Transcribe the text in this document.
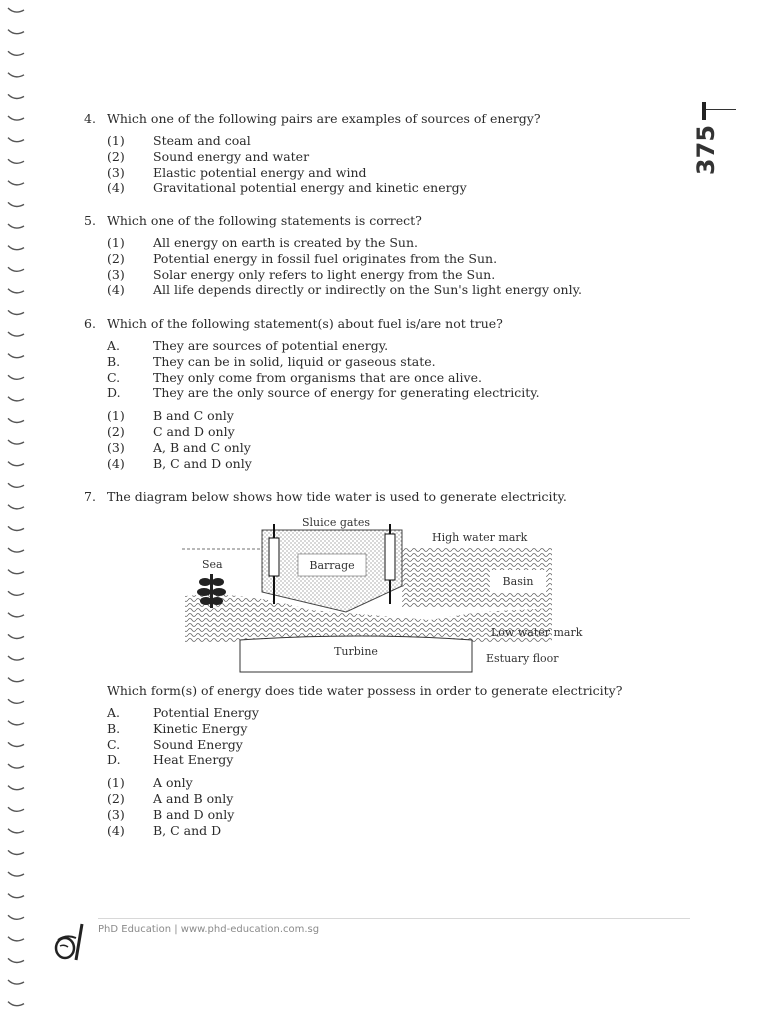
375
4. Which one of the following pairs are examples of sources of energy?
(1) Steam and coal
(2) Sound energy and water
(3) Elastic potential energy and wind
(4) Gravitational potential energy and kinetic energy
5. Which one of the following statements is correct?
(1) All energy on earth is created by the Sun.
(2) Potential energy in fossil fuel originates from the Sun.
(3) Solar energy only refers to light energy from the Sun.
(4) All life depends directly or indirectly on the Sun's light energy only.
6. Which of the following statement(s) about fuel is/are not true?
A.	They are sources of potential energy.
B.	They can be in solid, liquid or gaseous state.
C.	They only come from organisms that are once alive.
D.	They are the only source of energy for generating electricity.
(1) B and C only
(2) C and D only
(3) A, B and C only
(4) B, C and D only
7. The diagram below shows how tide water is used to generate electricity.
Barrage
Sluice gates
High water mark
Sea
Basin
Low water mark
Turbine
Estuary floor
Which form(s) of energy does tide water possess in order to generate electricity?
A.	Potential Energy
B.	Kinetic Energy
C.	Sound Energy
D.	Heat Energy
(1) A only
(2) A and B only
(3) B and D only
(4) B, C and D
PhD Education | www.phd-education.com.sg
